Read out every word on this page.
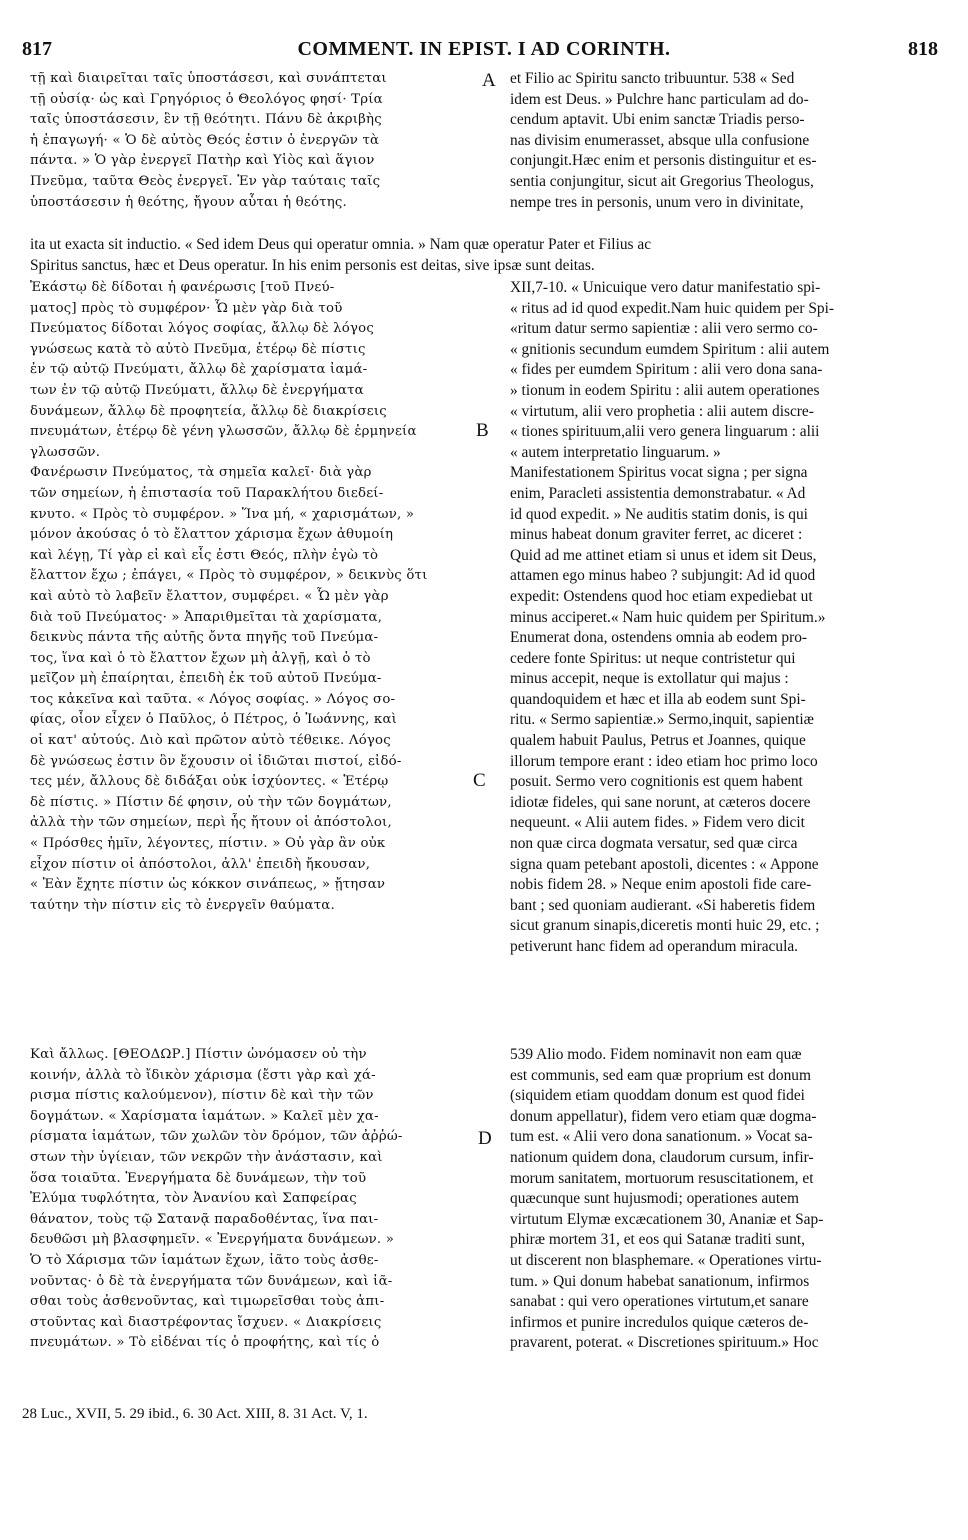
817	COMMENT. IN EPIST. I AD CORINTH.	818
τῇ καὶ διαιρεῖται ταῖς ὑποστάσεσι, καὶ συνάπτεται
τῇ οὐσίᾳ· ὡς καὶ Γρηγόριος ὁ Θεολόγος φησί· Τρία
ταῖς ὑποστάσεσιν, ἓν τῇ θεότητι. Πάνυ δὲ ἀκριβὴς
ἡ ἐπαγωγή· « Ὁ δὲ αὐτὸς Θεός ἐστιν ὁ ἐνεργῶν τὰ
πάντα. » Ὁ γὰρ ἐνεργεῖ Πατὴρ καὶ Υἱὸς καὶ ἅγιον
Πνεῦμα, ταῦτα Θεὸς ἐνεργεῖ. Ἐν γὰρ ταύταις ταῖς
ὑποστάσεσιν ἡ θεότης, ἤγουν αὗται ἡ θεότης.
et Filio ac Spiritu sancto tribuuntur. 538 « Sed
idem est Deus. » Pulchre hanc particulam ad do-
cendum aptavit. Ubi enim sanctæ Triadis perso-
nas divisim enumerasset, absque ulla confusione
conjungit.Hæc enim et personis distinguitur et es-
sentia conjungitur, sicut ait Gregorius Theologus,
nempe tres in personis, unum vero in divinitate,
ita ut exacta sit inductio. « Sed idem Deus qui operatur omnia. » Nam quæ operatur Pater et Filius ac
Spiritus sanctus, hæc et Deus operatur. In his enim personis est deitas, sive ipsæ sunt deitas.
Ἑκάστῳ δὲ δίδοται ἡ φανέρωσις [τοῦ Πνεύ-
ματος] πρὸς τὸ συμφέρον· Ὧ μὲν γὰρ διὰ τοῦ
Πνεύματος δίδοται λόγος σοφίας, ἄλλῳ δὲ λόγος
γνώσεως κατὰ τὸ αὐτὸ Πνεῦμα, ἑτέρῳ δὲ πίστις
ἐν τῷ αὐτῷ Πνεύματι, ἄλλῳ δὲ χαρίσματα ἰαμά-
των ἐν τῷ αὐτῷ Πνεύματι, ἄλλῳ δὲ ἐνεργήματα
δυνάμεων, ἄλλῳ δὲ προφητεία, ἄλλῳ δὲ διακρίσεις
πνευμάτων, ἑτέρῳ δὲ γένη γλωσσῶν, ἄλλῳ δὲ ἑρμηνεία
γλωσσῶν.
Φανέρωσιν Πνεύματος, τὰ σημεῖα καλεῖ· διὰ γὰρ
τῶν σημείων, ἡ ἐπιστασία τοῦ Παρακλήτου διεδεί-
κνυτο. « Πρὸς τὸ συμφέρον. » Ἵνα μή, « χαρισμάτων, »
μόνον ἀκούσας ὁ τὸ ἔλαττον χάρισμα ἔχων ἀθυμοίη
καὶ λέγῃ, Τί γὰρ εἰ καὶ εἷς ἐστι Θεός, πλὴν ἐγὼ τὸ
ἔλαττον ἔχω ; ἐπάγει, « Πρὸς τὸ συμφέρον, » δεικνὺς ὅτι
καὶ αὐτὸ τὸ λαβεῖν ἔλαττον, συμφέρει. « Ὧ μὲν γὰρ
διὰ τοῦ Πνεύματος· » Ἀπαριθμεῖται τὰ χαρίσματα,
δεικνὺς πάντα τῆς αὐτῆς ὄντα πηγῆς τοῦ Πνεύμα-
τος, ἵνα καὶ ὁ τὸ ἔλαττον ἔχων μὴ ἀλγῇ, καὶ ὁ τὸ
μεῖζον μὴ ἐπαίρηται, ἐπειδὴ ἐκ τοῦ αὐτοῦ Πνεύμα-
τος κἀκεῖνα καὶ ταῦτα. « Λόγος σοφίας. » Λόγος σο-
φίας, οἷον εἶχεν ὁ Παῦλος, ὁ Πέτρος, ὁ Ἰωάννης, καὶ
οἱ κατ' αὐτούς. Διὸ καὶ πρῶτον αὐτὸ τέθεικε. Λόγος
δὲ γνώσεως ἐστιν ὃν ἔχουσιν οἱ ἰδιῶται πιστοί, εἰδό-
τες μέν, ἄλλους δὲ διδάξαι οὐκ ἰσχύοντες. « Ἑτέρῳ
δὲ πίστις. » Πίστιν δέ φησιν, οὐ τὴν τῶν δογμάτων,
ἀλλὰ τὴν τῶν σημείων, περὶ ἧς ἤτουν οἱ ἀπόστολοι,
« Πρόσθες ἡμῖν, λέγοντες, πίστιν. » Οὐ γὰρ ἂν οὐκ
εἶχον πίστιν οἱ ἀπόστολοι, ἀλλ' ἐπειδὴ ἤκουσαν,
« Ἐὰν ἔχητε πίστιν ὡς κόκκον σινάπεως, » ᾔτησαν
ταύτην τὴν πίστιν εἰς τὸ ἐνεργεῖν θαύματα.
XII,7-10. « Unicuique vero datur manifestatio spi-
« ritus ad id quod expedit.Nam huic quidem per Spi-
«ritum datur sermo sapientiæ : alii vero sermo co-
« gnitionis secundum eumdem Spiritum : alii autem
« fides per eumdem Spiritum : alii vero dona sana-
» tionum in eodem Spiritu : alii autem operationes
« virtutum, alii vero prophetia : alii autem discre-
« tiones spirituum,alii vero genera linguarum : alii
« autem interpretatio linguarum. »
Manifestationem Spiritus vocat signa ; per signa
enim, Paracleti assistentia demonstrabatur. « Ad
id quod expedit. » Ne auditis statim donis, is qui
minus habeat donum graviter ferret, ac diceret :
Quid ad me attinet etiam si unus et idem sit Deus,
attamen ego minus habeo ? subjungit: Ad id quod
expedit: Ostendens quod hoc etiam expediebat ut
minus acciperet.« Nam huic quidem per Spiritum.»
Enumerat dona, ostendens omnia ab eodem pro-
cedere fonte Spiritus: ut neque contristetur qui
minus accepit, neque is extollatur qui majus :
quandoquidem et hæc et illa ab eodem sunt Spi-
ritu. « Sermo sapientiæ.» Sermo,inquit, sapientiæ
qualem habuit Paulus, Petrus et Joannes, quique
illorum tempore erant : ideo etiam hoc primo loco
posuit. Sermo vero cognitionis est quem habent
idiotæ fideles, qui sane norunt, at cæteros docere
nequeunt. « Alii autem fides. » Fidem vero dicit
non quæ circa dogmata versatur, sed quæ circa
signa quam petebant apostoli, dicentes : « Appone
nobis fidem 28. » Neque enim apostoli fide care-
bant ; sed quoniam audierant. «Si haberetis fidem
sicut granum sinapis,diceretis monti huic 29, etc. ;
petiverunt hanc fidem ad operandum miracula.
Καὶ ἄλλως. [ΘΕΟΔΩΡ.] Πίστιν ὠνόμασεν οὐ τὴν
κοινήν, ἀλλὰ τὸ ἴδικὸν χάρισμα (ἔστι γὰρ καὶ χά-
ρισμα πίστις καλούμενον), πίστιν δὲ καὶ τὴν τῶν
δογμάτων. « Χαρίσματα ἰαμάτων. » Καλεῖ μὲν χα-
ρίσματα ἰαμάτων, τῶν χωλῶν τὸν δρόμον, τῶν ἀῤῥώ-
στων τὴν ὑγίειαν, τῶν νεκρῶν τὴν ἀνάστασιν, καὶ
ὅσα τοιαῦτα. Ἐνεργήματα δὲ δυνάμεων, τὴν τοῦ
Ἐλύμα τυφλότητα, τὸν Ἀνανίου καὶ Σαπφείρας
θάνατον, τοὺς τῷ Σατανᾷ παραδοθέντας, ἵνα παι-
δευθῶσι μὴ βλασφημεῖν. « Ἐνεργήματα δυνάμεων. »
Ὁ τὸ Χάρισμα τῶν ἰαμάτων ἔχων, ἰᾶτο τοὺς ἀσθε-
νοῦντας· ὁ δὲ τὰ ἐνεργήματα τῶν δυνάμεων, καὶ ἰᾶ-
σθαι τοὺς ἀσθενοῦντας, καὶ τιμωρεῖσθαι τοὺς ἀπι-
στοῦντας καὶ διαστρέφοντας ἴσχυεν. « Διακρίσεις
πνευμάτων. » Τὸ εἰδέναι τίς ὁ προφήτης, καὶ τίς ὁ
539 Alio modo. Fidem nominavit non eam quæ
est communis, sed eam quæ proprium est donum
(siquidem etiam quoddam donum est quod fidei
donum appellatur), fidem vero etiam quæ dogma-
tum est. « Alii vero dona sanationum. » Vocat sa-
nationum quidem dona, claudorum cursum, infir-
morum sanitatem, mortuorum resuscitationem, et
quæcunque sunt hujusmodi; operationes autem
virtutum Elymæ excæcationem 30, Ananiæ et Sap-
phiræ mortem 31, et eos qui Satanæ traditi sunt,
ut discerent non blasphemare. « Operationes virtu-
tum. » Qui donum habebat sanationum, infirmos
sanabat : qui vero operationes virtutum,et sanare
infirmos et punire incredulos quique cæteros de-
pravarent, poterat. « Discretiones spirituum.» Hoc
A
B
C
D
28 Luc., XVII, 5. 29 ibid., 6. 30 Act. XIII, 8. 31 Act. V, 1.
